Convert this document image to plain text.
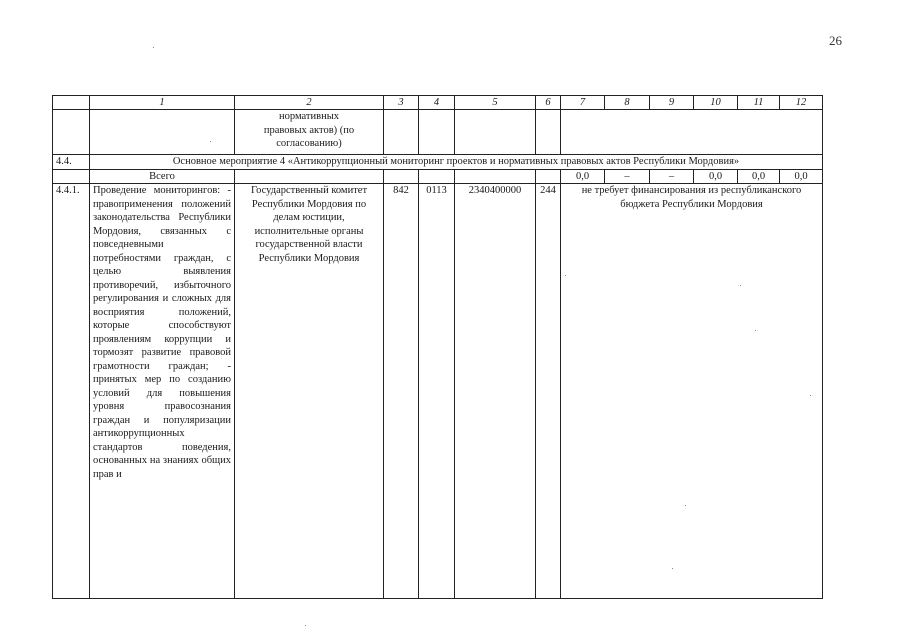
26
	1	2	3	4	5	6	7	8	9	10	11	12
		нормативных правовых актов) (по согласованию)										
4.4.	Основное мероприятие 4 «Антикоррупционный мониторинг проектов и нормативных правовых актов Республики Мордовия»											
	Всего						0,0	–	–	0,0	0,0	0,0
4.4.1.	Проведение мониторингов: - правоприменения положений законодательства Республики Мордовия, связанных с повседневными потребностями граждан, с целью выявления противоречий, избыточного регулирования и сложных для восприятия положений, которые способствуют проявлениям коррупции и тормозят развитие правовой грамотности граждан; - принятых мер по созданию условий для повышения уровня правосознания граждан и популяризации антикоррупционных стандартов поведения, основанных на знаниях общих прав и	Государственный комитет Республики Мордовия по делам юстиции, исполнительные органы государственной власти Республики Мордовия	842	0113	2340400000	244	не требует финансирования из республиканского бюджета Республики Мордовия					
